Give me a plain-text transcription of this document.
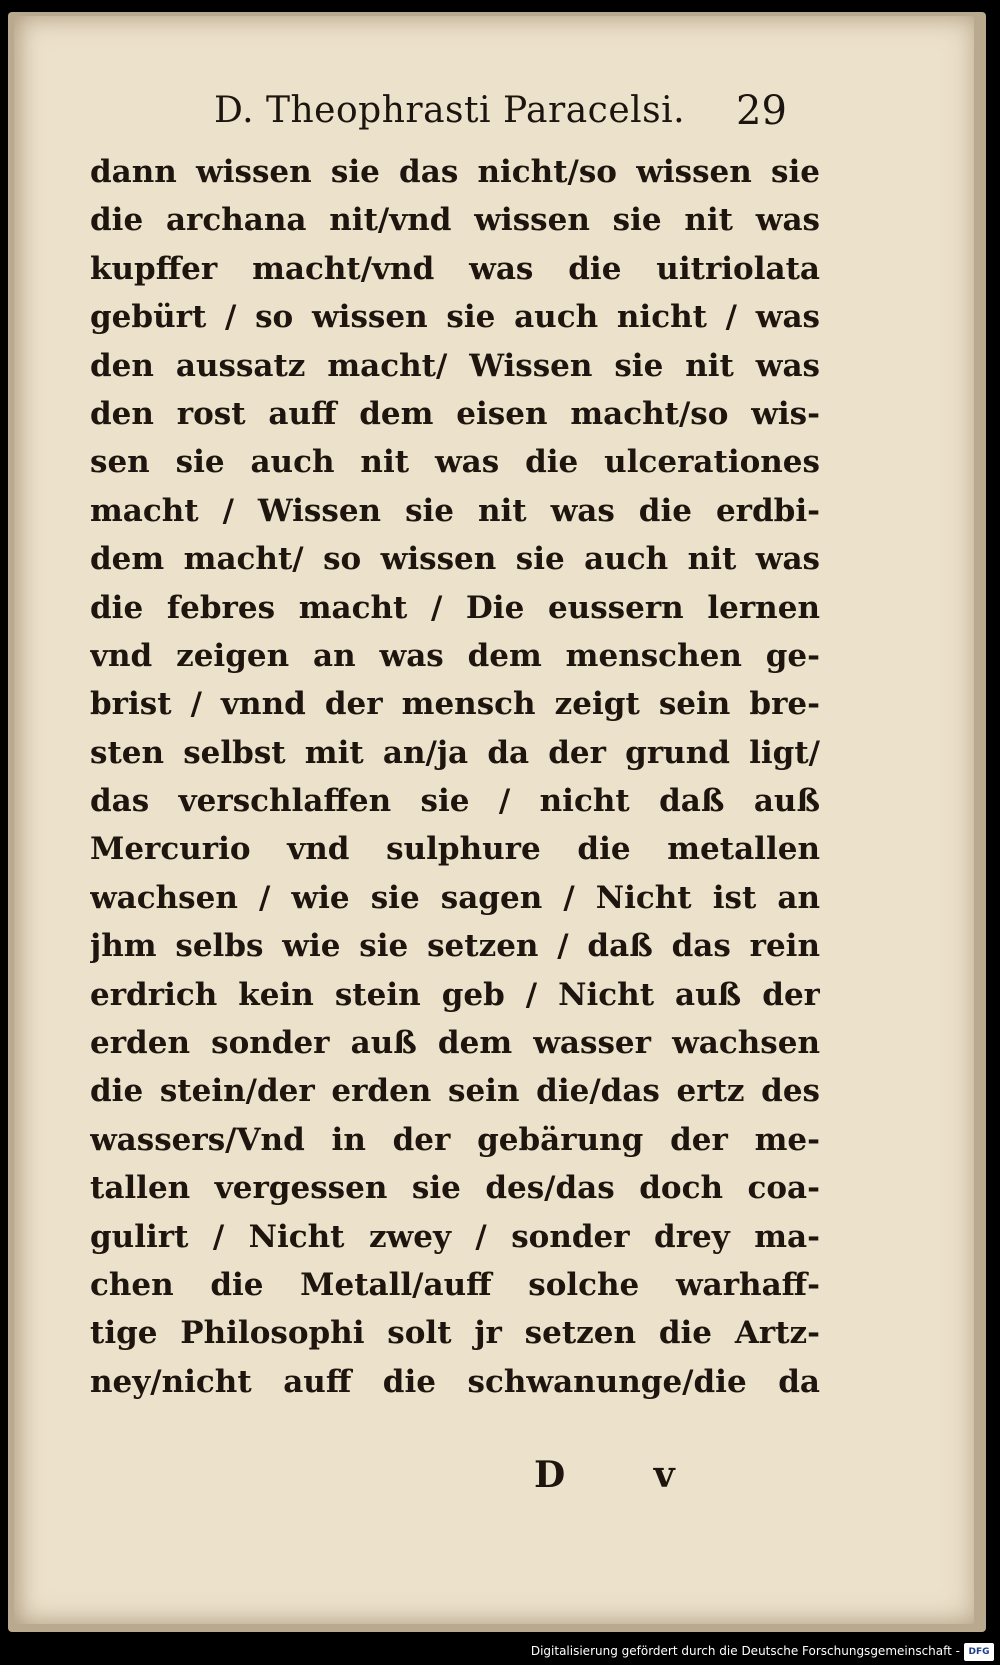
D. Theophrasti Paracelsi. 29
dann wissen sie das nicht/so wissen sie
die archana nit/vnd wissen sie nit was
kupffer macht/vnd was die uitriolata
gebürt / so wissen sie auch nicht / was
den aussatz macht/ Wissen sie nit was
den rost auff dem eisen macht/so wis-
sen sie auch nit was die ulcerationes
macht / Wissen sie nit was die erdbi-
dem macht/ so wissen sie auch nit was
die febres macht / Die eussern lernen
vnd zeigen an was dem menschen ge-
brist / vnnd der mensch zeigt sein bre-
sten selbst mit an/ja da der grund ligt/
das verschlaffen sie / nicht daß auß
Mercurio vnd sulphure die metallen
wachsen / wie sie sagen / Nicht ist an
jhm selbs wie sie setzen / daß das rein
erdrich kein stein geb / Nicht auß der
erden sonder auß dem wasser wachsen
die stein/der erden sein die/das ertz des
wassers/Vnd in der gebärung der me-
tallen vergessen sie des/das doch coa-
gulirt / Nicht zwey / sonder drey ma-
chen die Metall/auff solche warhaff-
tige Philosophi solt jr setzen die Artz-
ney/nicht auff die schwanunge/die da
D v
Digitalisierung gefördert durch die Deutsche Forschungsgemeinschaft - DFG
